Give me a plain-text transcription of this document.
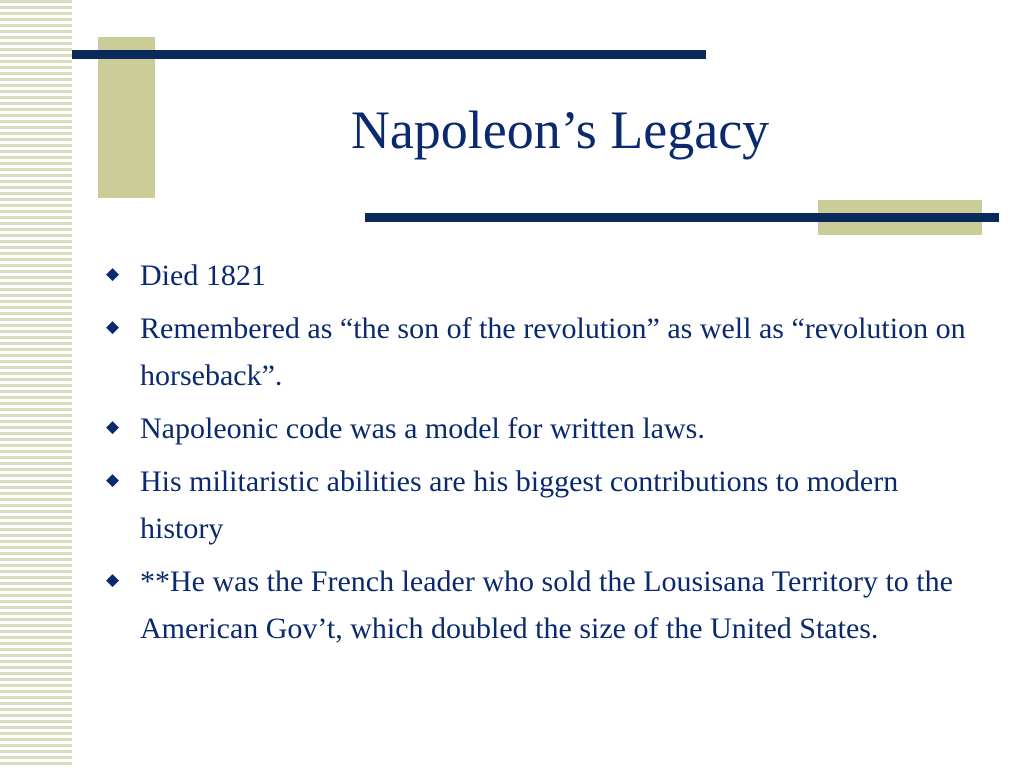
Napoleon’s Legacy
◆ Died 1821
◆ Remembered as “the son of the revolution” as well as “revolution on horseback”.
◆ Napoleonic code was a model for written laws.
◆ His militaristic abilities are his biggest contributions to modern history
◆ **He was the French leader who sold the Lousisana Territory to the American Gov’t, which doubled the size of the United States.
